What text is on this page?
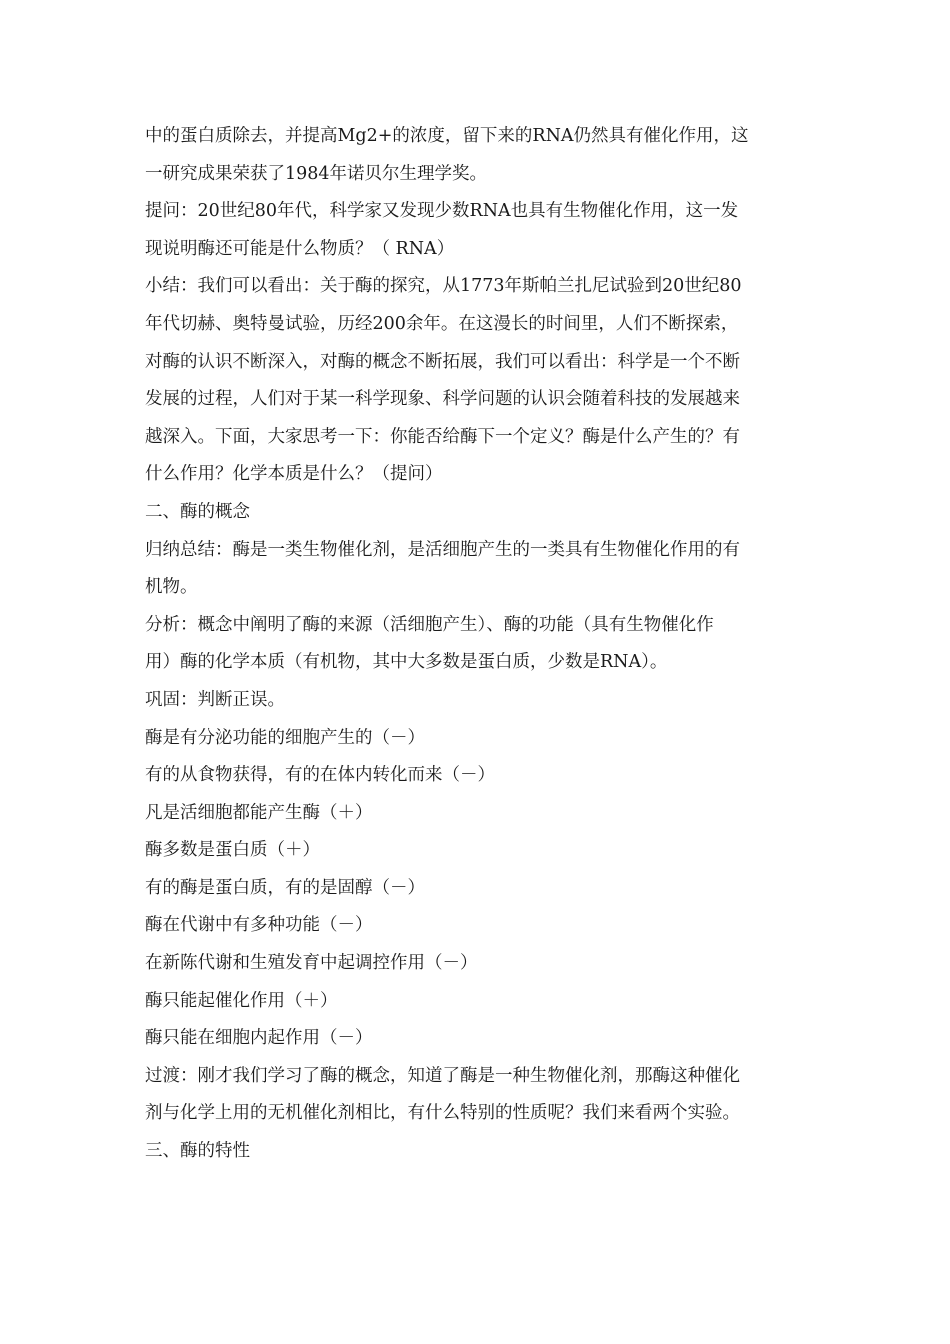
中的蛋白质除去，并提高Mg2+的浓度，留下来的RNA仍然具有催化作用，这
一研究成果荣获了1984年诺贝尔生理学奖。
提问：20世纪80年代，科学家又发现少数RNA也具有生物催化作用，这一发
现说明酶还可能是什么物质？（ RNA）
小结：我们可以看出：关于酶的探究，从1773年斯帕兰扎尼试验到20世纪80
年代切赫、奥特曼试验，历经200余年。在这漫长的时间里，人们不断探索，
对酶的认识不断深入，对酶的概念不断拓展，我们可以看出：科学是一个不断
发展的过程，人们对于某一科学现象、科学问题的认识会随着科技的发展越来
越深入。下面，大家思考一下：你能否给酶下一个定义？酶是什么产生的？有
什么作用？化学本质是什么？（提问）
二、酶的概念
归纳总结：酶是一类生物催化剂，是活细胞产生的一类具有生物催化作用的有
机物。
分析：概念中阐明了酶的来源（活细胞产生）、酶的功能（具有生物催化作
用）酶的化学本质（有机物，其中大多数是蛋白质，少数是RNA）。
巩固：判断正误。
酶是有分泌功能的细胞产生的（－）
有的从食物获得，有的在体内转化而来（－）
凡是活细胞都能产生酶（＋）
酶多数是蛋白质（＋）
有的酶是蛋白质，有的是固醇（－）
酶在代谢中有多种功能（－）
在新陈代谢和生殖发育中起调控作用（－）
酶只能起催化作用（＋）
酶只能在细胞内起作用（－）
过渡：刚才我们学习了酶的概念，知道了酶是一种生物催化剂，那酶这种催化
剂与化学上用的无机催化剂相比，有什么特别的性质呢？我们来看两个实验。
三、酶的特性
